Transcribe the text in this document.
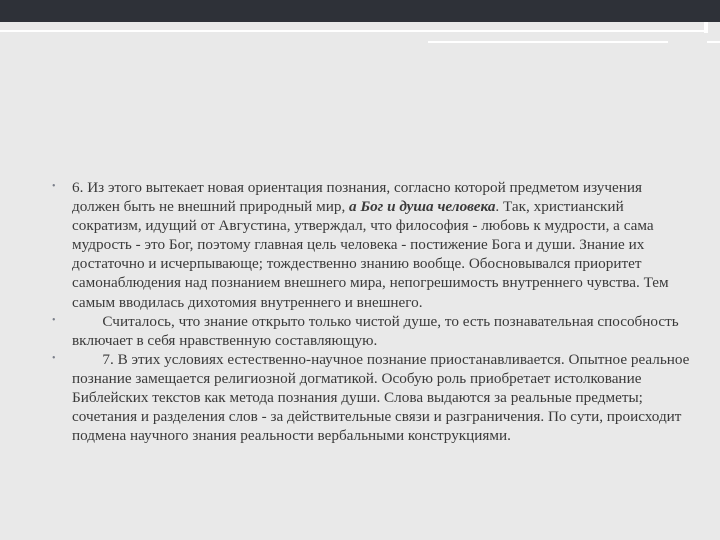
• 6. Из этого вытекает новая ориентация познания, согласно которой предметом изучения должен быть не внешний природный мир, а Бог и душа человека. Так, христианский сократизм, идущий от Августина, утверждал, что философия - любовь к мудрости, а сама мудрость - это Бог, поэтому главная цель человека - постижение Бога и души. Знание их достаточно и исчерпывающе; тождественно знанию вообще. Обосновывался приоритет самонаблюдения над познанием внешнего мира, непогрешимость внутреннего чувства. Тем самым вводилась дихотомия внутреннего и внешнего.
• Считалось, что знание открыто только чистой душе, то есть познавательная способность включает в себя нравственную составляющую.
• 7. В этих условиях естественно-научное познание приостанавливается. Опытное реальное познание замещается религиозной догматикой. Особую роль приобретает истолкование Библейских текстов как метода познания души. Слова выдаются за реальные предметы; сочетания и разделения слов - за действительные связи и разграничения. По сути, происходит подмена научного знания реальности вербальными конструкциями.
